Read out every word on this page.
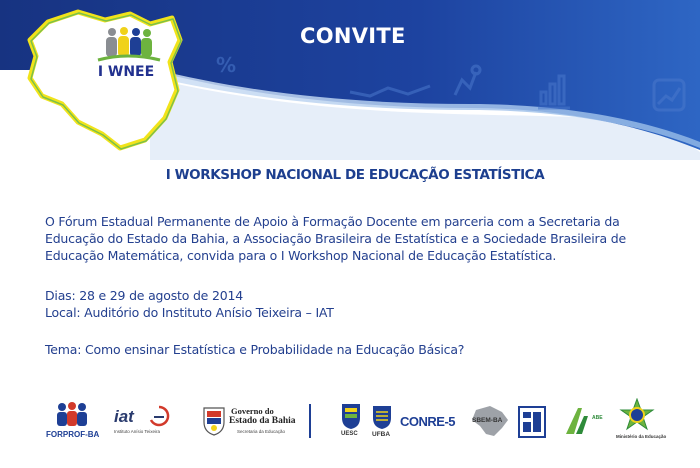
%
CONVITE
I WNEE
I WORKSHOP NACIONAL DE EDUCAÇÃO ESTATÍSTICA
O Fórum Estadual Permanente de Apoio à Formação Docente em parceria com a Secretaria da
Educação do Estado da Bahia, a Associação Brasileira de Estatística e a Sociedade Brasileira de
Educação Matemática, convida para o I Workshop Nacional de Educação Estatística.
Dias: 28 e 29 de agosto de 2014
Local: Auditório do Instituto Anísio Teixeira – IAT
Tema: Como ensinar Estatística e Probabilidade na Educação Básica?
FORPROF-BA
iat
Instituto Anísio Teixeira
Governo do
Estado da Bahia
Secretaria da Educação	UESC UFBA
CONRE-5	SBEM-BA	ABE
Ministério da Educação
